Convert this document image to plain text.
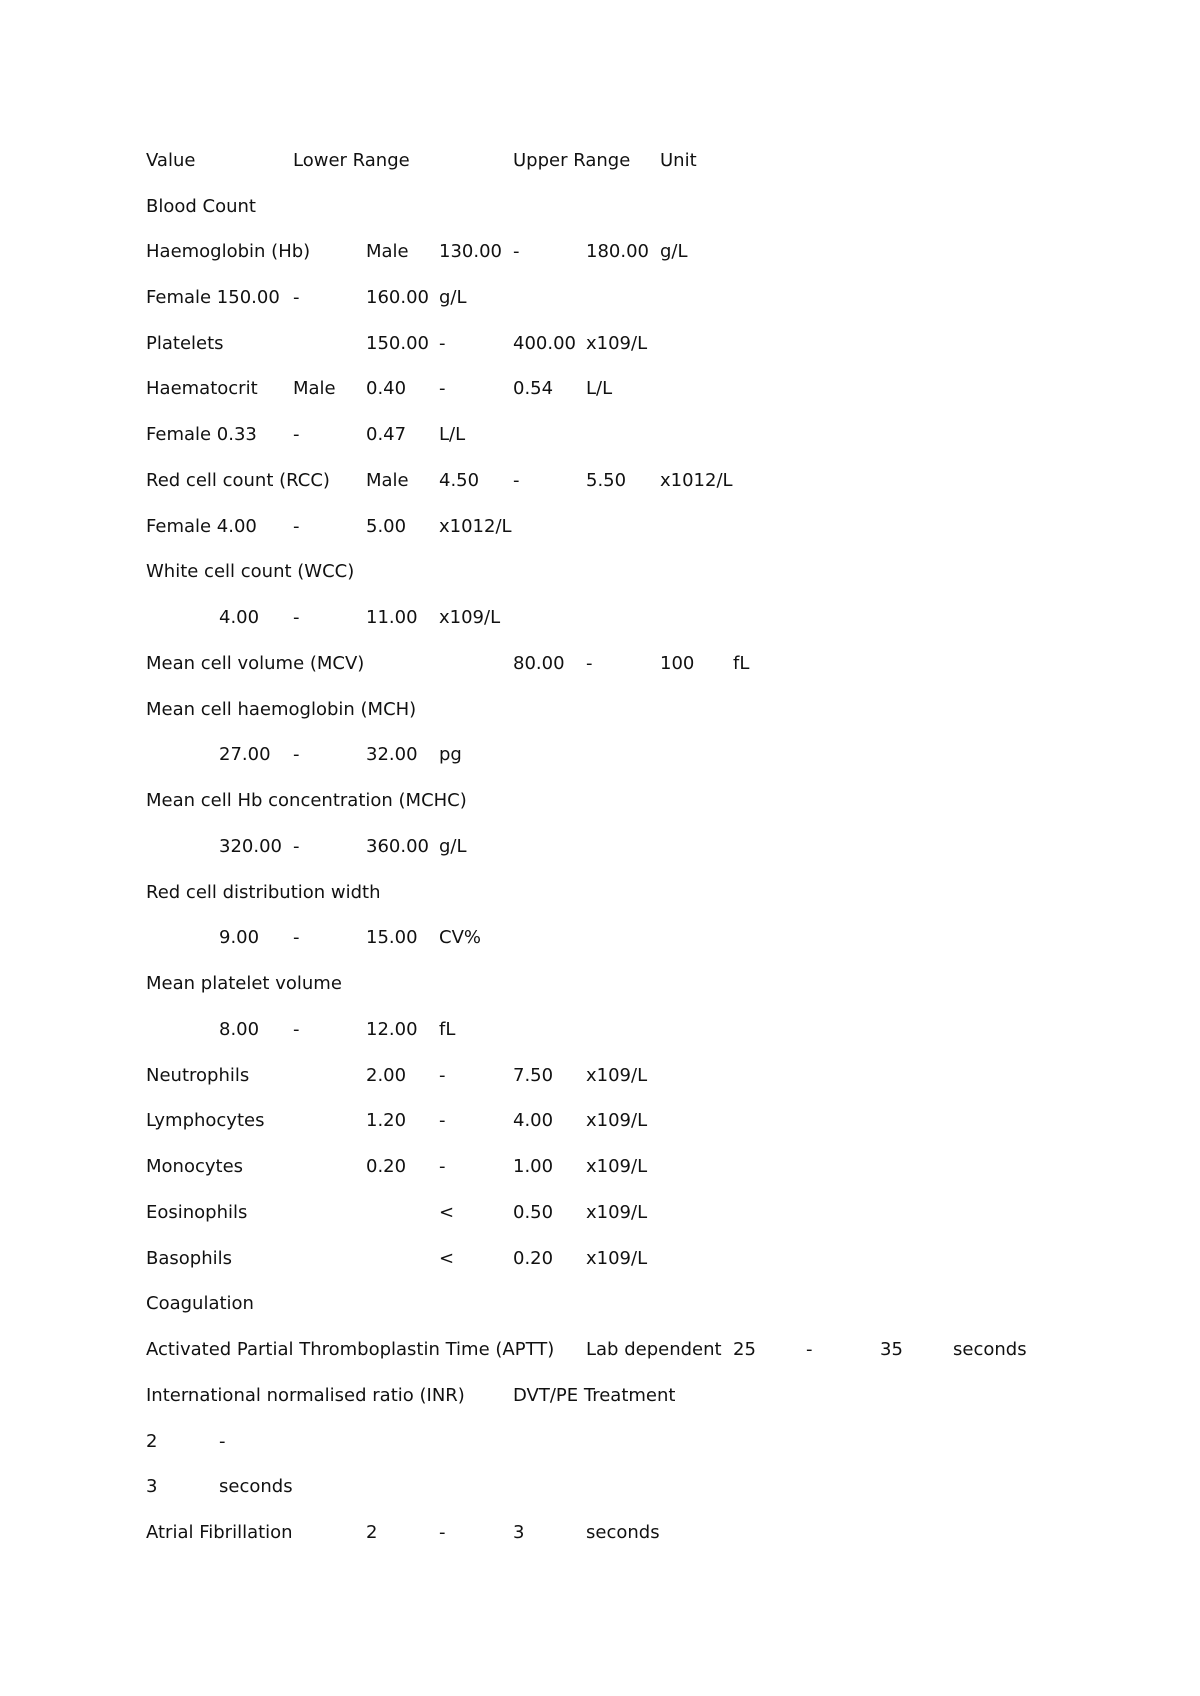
Value	Lower Range	Upper Range Unit
Blood Count
Haemoglobin (Hb)	Male 130.00 -	180.00 g/L
Female 150.00 -	160.00 g/L
Platelets	150.00 -	400.00 x109/L
Haematocrit Male 0.40 -	0.54 L/L
Female 0.33 -	0.47 L/L
Red cell count (RCC) Male 4.50 -	5.50 x1012/L
Female 4.00 -	5.00 x1012/L
White cell count (WCC)
4.00 -	11.00 x109/L
Mean cell volume (MCV)	80.00 -	100 fL
Mean cell haemoglobin (MCH)
27.00 -	32.00 pg
Mean cell Hb concentration (MCHC)
320.00 -	360.00 g/L
Red cell distribution width
9.00 -	15.00 CV%
Mean platelet volume
8.00 -	12.00 fL
Neutrophils	2.00 -	7.50 x109/L
Lymphocytes	1.20 -	4.00 x109/L
Monocytes	0.20 -	1.00 x109/L
Eosinophils	<	0.50 x109/L
Basophils	<	0.20 x109/L
Coagulation
Activated Partial Thromboplastin Time (APTT) Lab dependent 25	-	35	seconds
International normalised ratio (INR)	DVT/PE Treatment
2	-
3	seconds
Atrial Fibrillation	2	-	3	seconds
